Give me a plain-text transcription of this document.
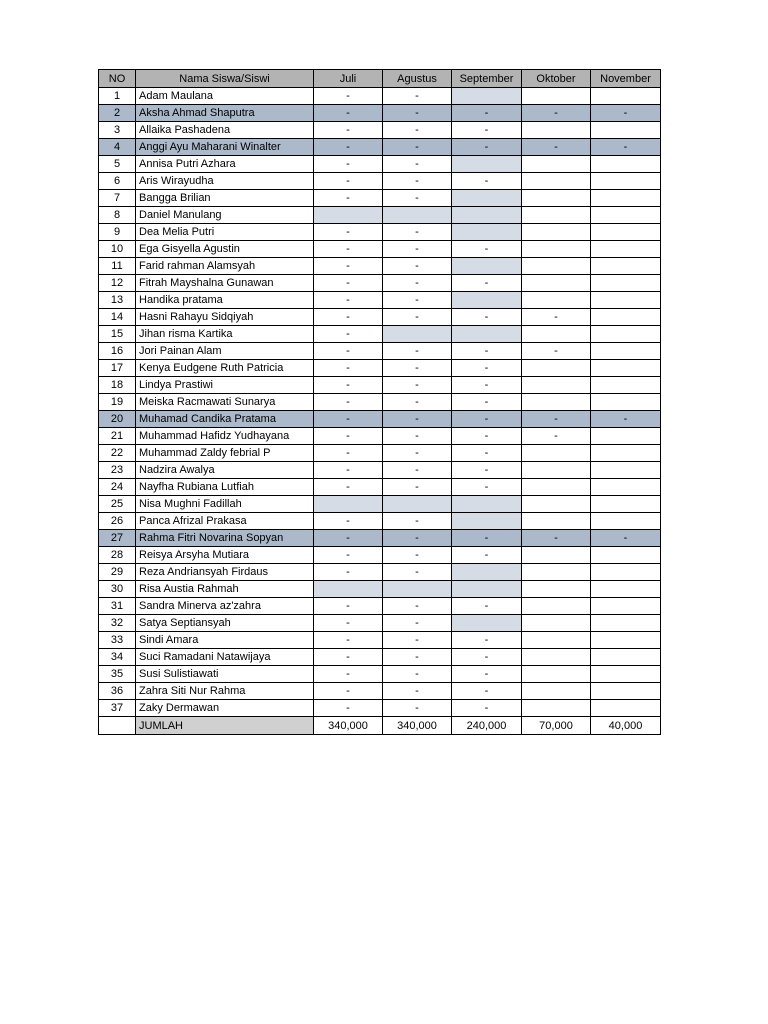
NO	Nama Siswa/Siswi	Juli	Agustus	September	Oktober	November
1	Adam Maulana	-	-			
2	Aksha Ahmad Shaputra	-	-	-	-	-
3	Allaika Pashadena	-	-	-		
4	Anggi Ayu Maharani Winalter	-	-	-	-	-
5	Annisa Putri Azhara	-	-			
6	Aris Wirayudha	-	-	-		
7	Bangga Brilian	-	-			
8	Daniel Manulang					
9	Dea Melia Putri	-	-			
10	Ega Gisyella Agustin	-	-	-		
11	Farid rahman Alamsyah	-	-			
12	Fitrah Mayshalna Gunawan	-	-	-		
13	Handika pratama	-	-			
14	Hasni Rahayu Sidqiyah	-	-	-	-	
15	Jihan risma Kartika	-				
16	Jori Painan Alam	-	-	-	-	
17	Kenya Eudgene Ruth Patricia	-	-	-		
18	Lindya Prastiwi	-	-	-		
19	Meiska Racmawati Sunarya	-	-	-		
20	Muhamad Candika Pratama	-	-	-	-	-
21	Muhammad Hafidz Yudhayana	-	-	-	-	
22	Muhammad Zaldy febrial P	-	-	-		
23	Nadzira Awalya	-	-	-		
24	Nayfha Rubiana Lutfiah	-	-	-		
25	Nisa Mughni Fadillah					
26	Panca Afrizal Prakasa	-	-			
27	Rahma Fitri Novarina Sopyan	-	-	-	-	-
28	Reisya Arsyha Mutiara	-	-	-		
29	Reza Andriansyah Firdaus	-	-			
30	Risa Austia Rahmah					
31	Sandra Minerva az'zahra	-	-	-		
32	Satya Septiansyah	-	-			
33	Sindi Amara	-	-	-		
34	Suci Ramadani Natawijaya	-	-	-		
35	Susi Sulistiawati	-	-	-		
36	Zahra Siti Nur Rahma	-	-	-		
37	Zaky Dermawan	-	-	-		
	JUMLAH	340,000	340,000	240,000	70,000	40,000
